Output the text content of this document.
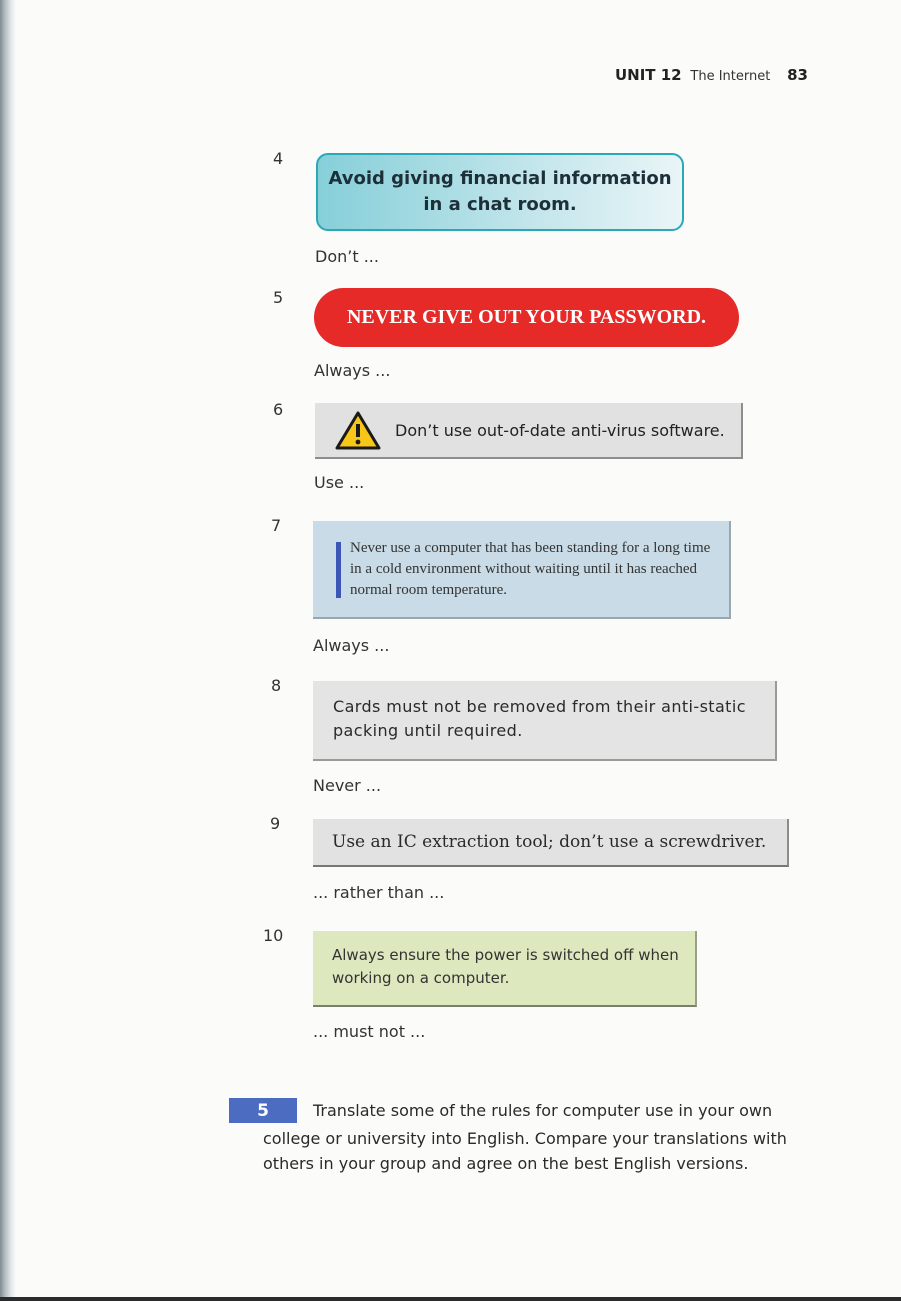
UNIT 12 The Internet 83
4
Avoid giving financial information in a chat room.
Don’t ...
5
NEVER GIVE OUT YOUR PASSWORD.
Always ...
6
Don’t use out-of-date anti-virus software.
Use ...
7
Never use a computer that has been standing for a long time in a cold environment without waiting until it has reached normal room temperature.
Always ...
8
Cards must not be removed from their anti-static packing until required.
Never ...
9
Use an IC extraction tool; don’t use a screwdriver.
... rather than ...
10
Always ensure the power is switched off when working on a computer.
... must not ...
5	Translate some of the rules for computer use in your own
college or university into English. Compare your translations with others in your group and agree on the best English versions.
